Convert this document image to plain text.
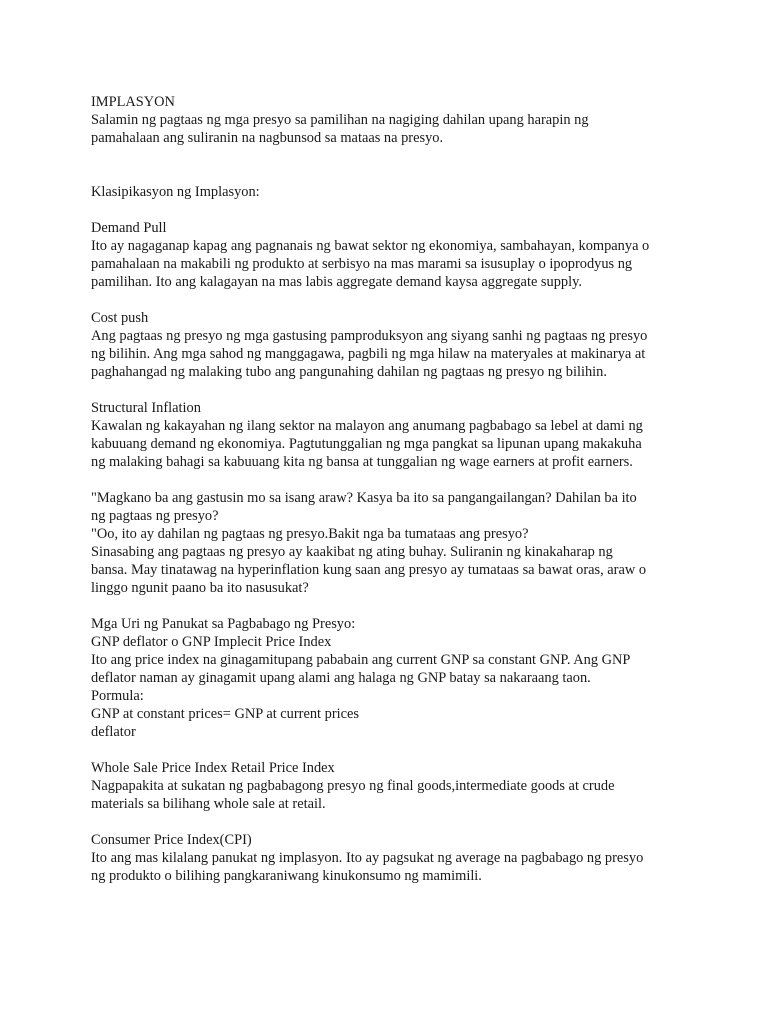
IMPLASYON
Salamin ng pagtaas ng mga presyo sa pamilihan na nagiging dahilan upang harapin ng
pamahalaan ang suliranin na nagbunsod sa mataas na presyo.
Klasipikasyon ng Implasyon:
Demand Pull
Ito ay nagaganap kapag ang pagnanais ng bawat sektor ng ekonomiya, sambahayan, kompanya o
pamahalaan na makabili ng produkto at serbisyo na mas marami sa isusuplay o ipoprodyus ng
pamilihan. Ito ang kalagayan na mas labis aggregate demand kaysa aggregate supply.
Cost push
Ang pagtaas ng presyo ng mga gastusing pamproduksyon ang siyang sanhi ng pagtaas ng presyo
ng bilihin. Ang mga sahod ng manggagawa, pagbili ng mga hilaw na materyales at makinarya at
paghahangad ng malaking tubo ang pangunahing dahilan ng pagtaas ng presyo ng bilihin.
Structural Inflation
Kawalan ng kakayahan ng ilang sektor na malayon ang anumang pagbabago sa lebel at dami ng
kabuuang demand ng ekonomiya. Pagtutunggalian ng mga pangkat sa lipunan upang makakuha
ng malaking bahagi sa kabuuang kita ng bansa at tunggalian ng wage earners at profit earners.
"Magkano ba ang gastusin mo sa isang araw? Kasya ba ito sa pangangailangan? Dahilan ba ito
ng pagtaas ng presyo?
"Oo, ito ay dahilan ng pagtaas ng presyo.Bakit nga ba tumataas ang presyo?
Sinasabing ang pagtaas ng presyo ay kaakibat ng ating buhay. Suliranin ng kinakaharap ng
bansa. May tinatawag na hyperinflation kung saan ang presyo ay tumataas sa bawat oras, araw o
linggo ngunit paano ba ito nasusukat?
Mga Uri ng Panukat sa Pagbabago ng Presyo:
GNP deflator o GNP Implecit Price Index
Ito ang price index na ginagamitupang pababain ang current GNP sa constant GNP. Ang GNP
deflator naman ay ginagamit upang alami ang halaga ng GNP batay sa nakaraang taon.
Pormula:
GNP at constant prices= GNP at current prices
deflator
Whole Sale Price Index Retail Price Index
Nagpapakita at sukatan ng pagbabagong presyo ng final goods,intermediate goods at crude
materials sa bilihang whole sale at retail.
Consumer Price Index(CPI)
Ito ang mas kilalang panukat ng implasyon. Ito ay pagsukat ng average na pagbabago ng presyo
ng produkto o bilihing pangkaraniwang kinukonsumo ng mamimili.
